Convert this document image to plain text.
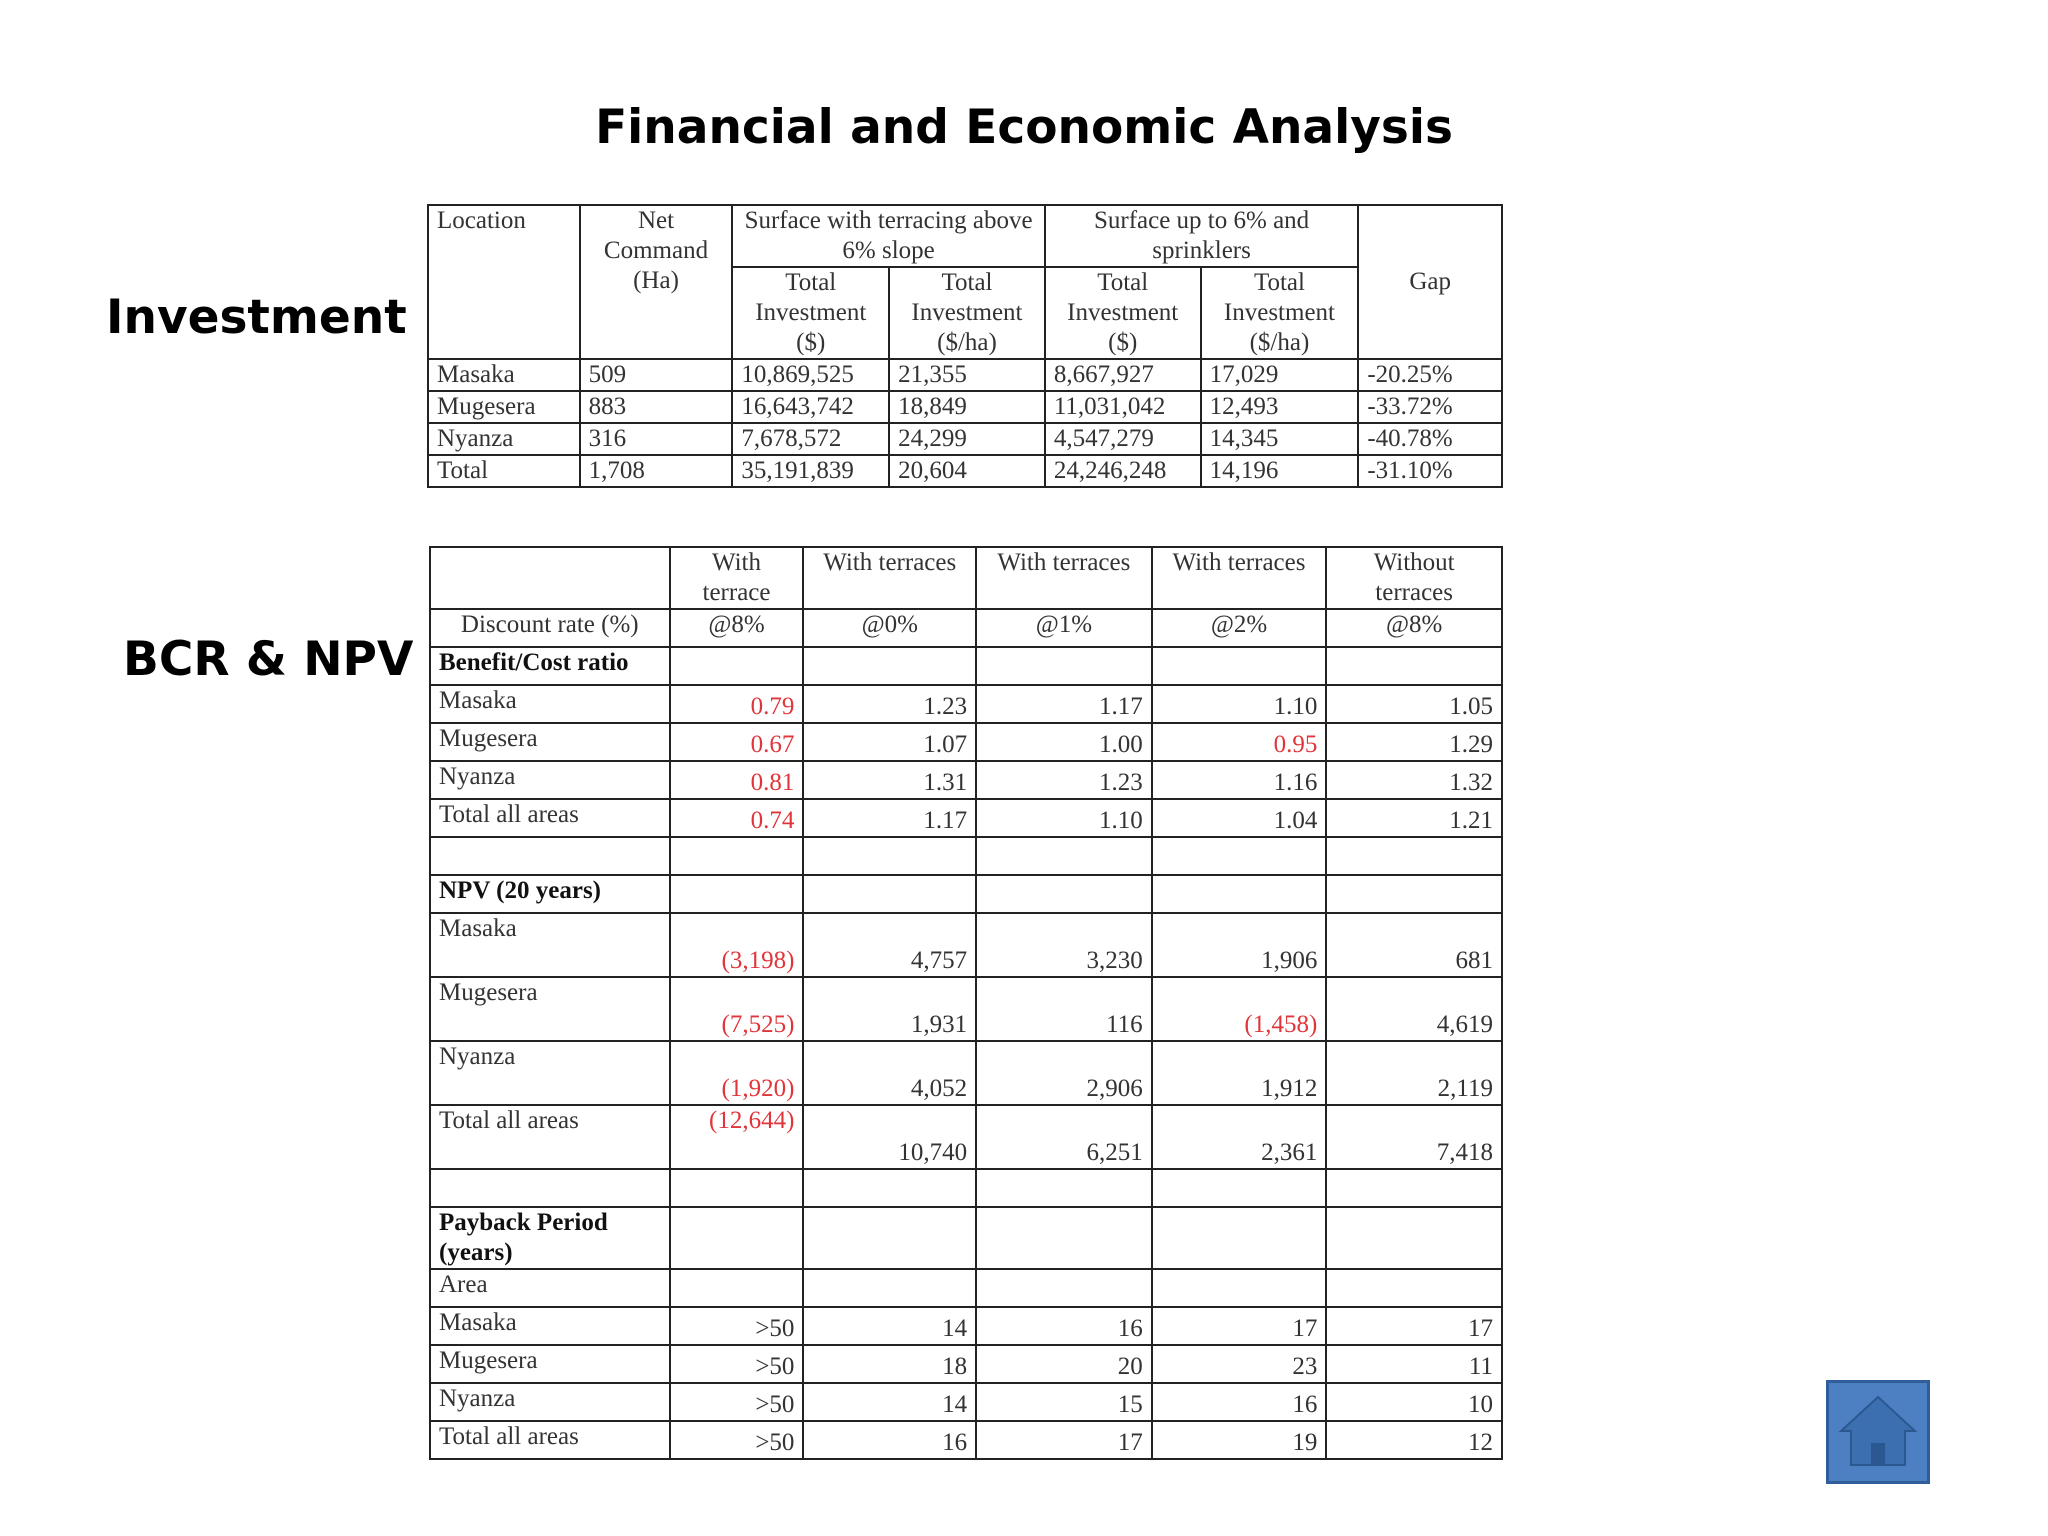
Financial and Economic Analysis
Investment
BCR & NPV
Location	Net Command (Ha)	Surface with terracing above 6% slope		Surface up to 6% and sprinklers		Gap
		Total Investment ($)	Total Investment ($/ha)	Total Investment ($)	Total Investment ($/ha)	
Masaka	509	10,869,525	21,355	8,667,927	17,029	-20.25%
Mugesera	883	16,643,742	18,849	11,031,042	12,493	-33.72%
Nyanza	316	7,678,572	24,299	4,547,279	14,345	-40.78%
Total	1,708	35,191,839	20,604	24,246,248	14,196	-31.10%
	With terrace	With terraces	With terraces	With terraces	Without terraces
Discount rate (%)	@8%	@0%	@1%	@2%	@8%
Benefit/Cost ratio					
Masaka	0.79	1.23	1.17	1.10	1.05
Mugesera	0.67	1.07	1.00	0.95	1.29
Nyanza	0.81	1.31	1.23	1.16	1.32
Total all areas	0.74	1.17	1.10	1.04	1.21

NPV (20 years)					
Masaka	(3,198)	4,757	3,230	1,906	681
Mugesera	(7,525)	1,931	116	(1,458)	4,619
Nyanza	(1,920)	4,052	2,906	1,912	2,119
Total all areas	(12,644)	10,740	6,251	2,361	7,418

Payback Period (years)					
Area					
Masaka	>50	14	16	17	17
Mugesera	>50	18	20	23	11
Nyanza	>50	14	15	16	10
Total all areas	>50	16	17	19	12
